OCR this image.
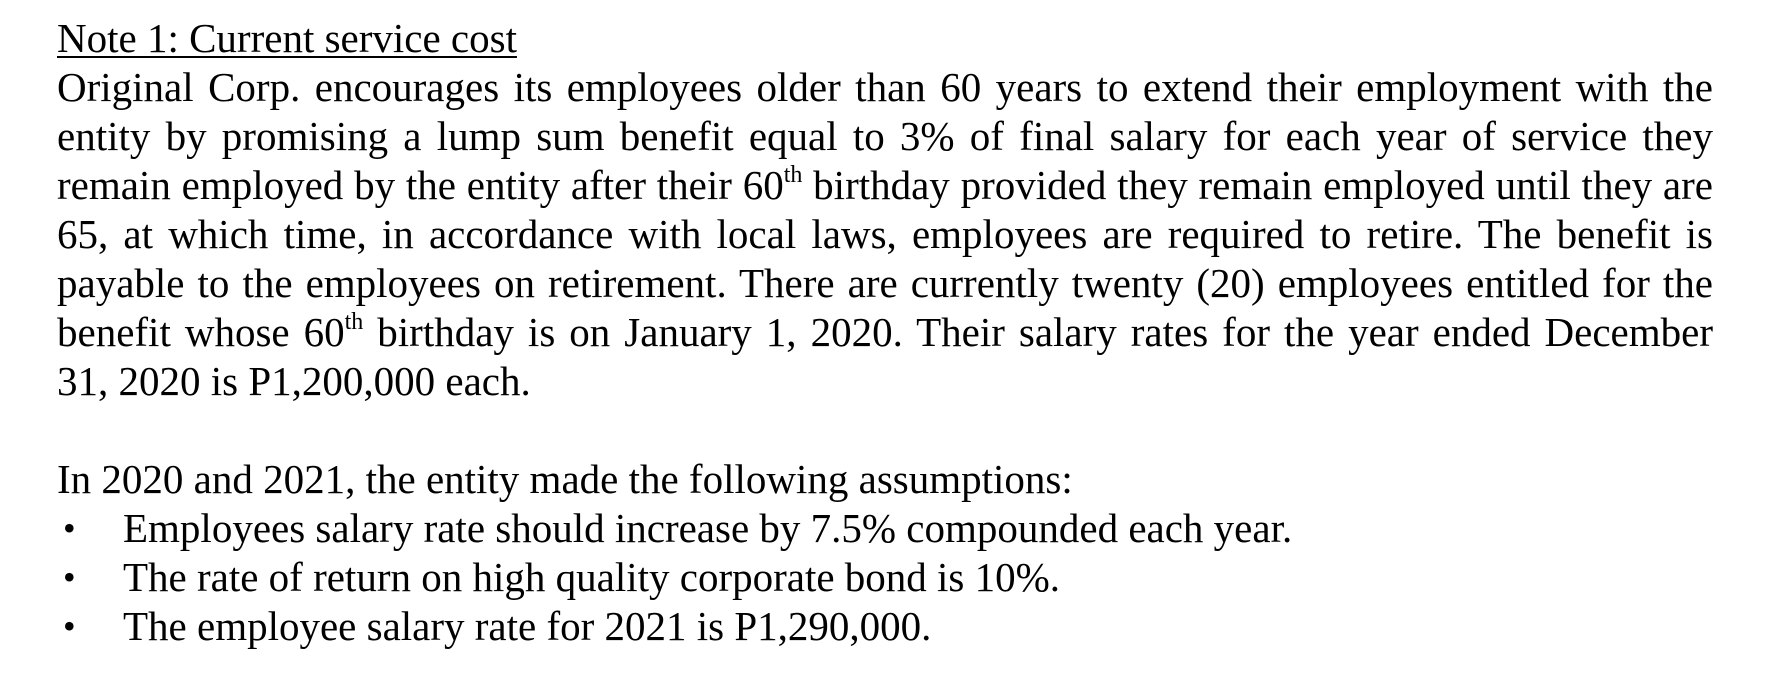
Note 1: Current service cost
Original Corp. encourages its employees older than 60 years to extend their employment with the entity by promising a lump sum benefit equal to 3% of final salary for each year of service they remain employed by the entity after their 60th birthday provided they remain employed until they are 65, at which time, in accordance with local laws, employees are required to retire. The benefit is payable to the employees on retirement. There are currently twenty (20) employees entitled for the benefit whose 60th birthday is on January 1, 2020. Their salary rates for the year ended December 31, 2020 is P1,200,000 each.
In 2020 and 2021, the entity made the following assumptions:
• Employees salary rate should increase by 7.5% compounded each year.
• The rate of return on high quality corporate bond is 10%.
• The employee salary rate for 2021 is P1,290,000.
